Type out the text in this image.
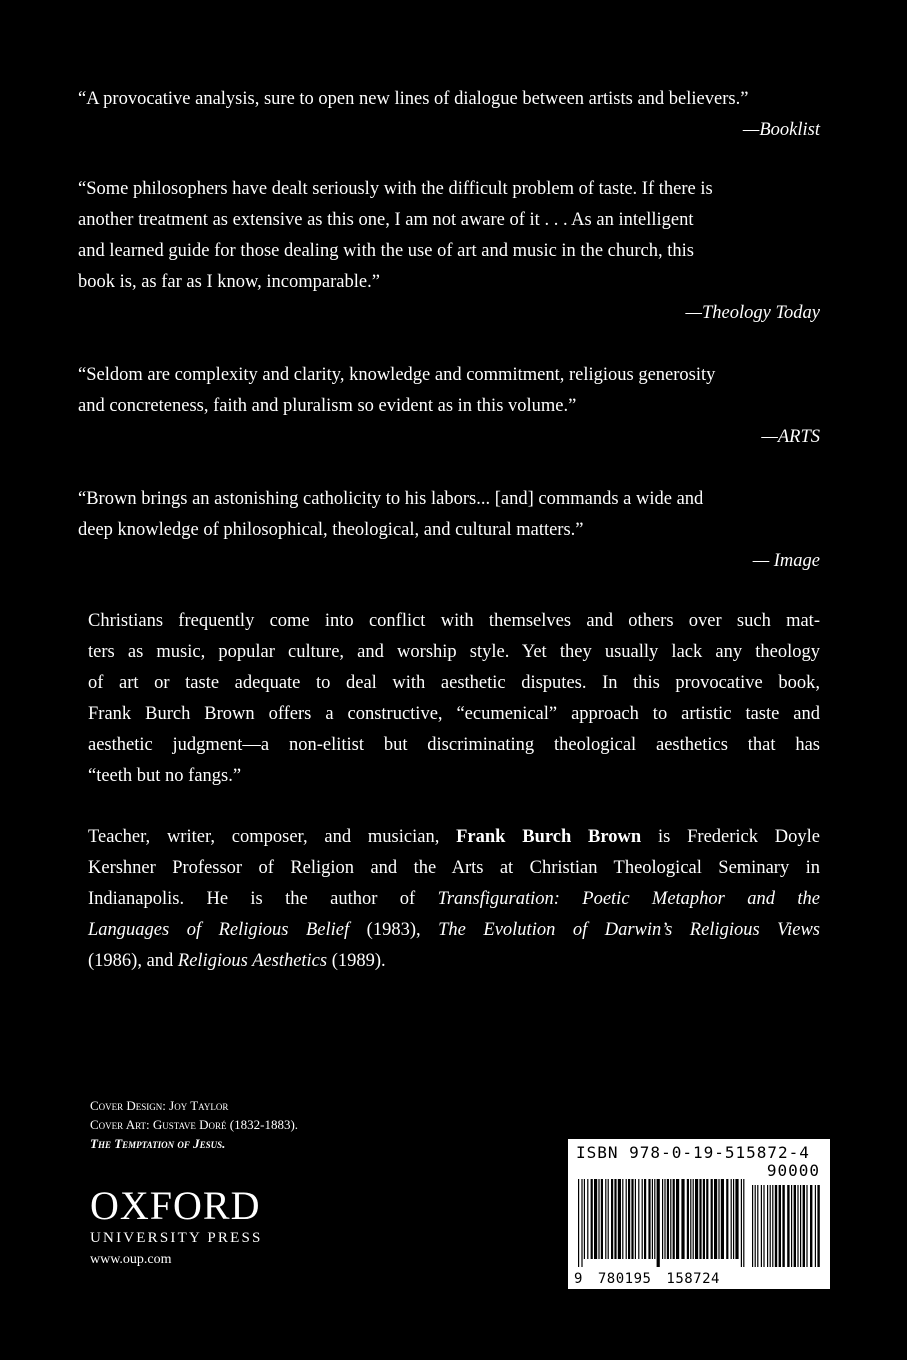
“A provocative analysis, sure to open new lines of dialogue between artists and believers.”
—Booklist
“Some philosophers have dealt seriously with the difficult problem of taste. If there is
another treatment as extensive as this one, I am not aware of it . . . As an intelligent
and learned guide for those dealing with the use of art and music in the church, this
book is, as far as I know, incomparable.”
—Theology Today
“Seldom are complexity and clarity, knowledge and commitment, religious generosity
and concreteness, faith and pluralism so evident as in this volume.”
—ARTS
“Brown brings an astonishing catholicity to his labors... [and] commands a wide and
deep knowledge of philosophical, theological, and cultural matters.”
— Image
Christians frequently come into conflict with themselves and others over such mat-
ters as music, popular culture, and worship style. Yet they usually lack any theology
of art or taste adequate to deal with aesthetic disputes. In this provocative book,
Frank Burch Brown offers a constructive, “ecumenical” approach to artistic taste and
aesthetic judgment—a non-elitist but discriminating theological aesthetics that has
“teeth but no fangs.”
Teacher, writer, composer, and musician, Frank Burch Brown is Frederick Doyle
Kershner Professor of Religion and the Arts at Christian Theological Seminary in
Indianapolis. He is the author of Transfiguration: Poetic Metaphor and the
Languages of Religious Belief (1983), The Evolution of Darwin’s Religious Views
(1986), and Religious Aesthetics (1989).
Cover Design: Joy Taylor
Cover Art: Gustave Doré (1832-1883).
The Temptation of Jesus.
OXFORD
UNIVERSITY PRESS
www.oup.com
ISBN 978-0-19-515872-4
90000
9 780195 158724
